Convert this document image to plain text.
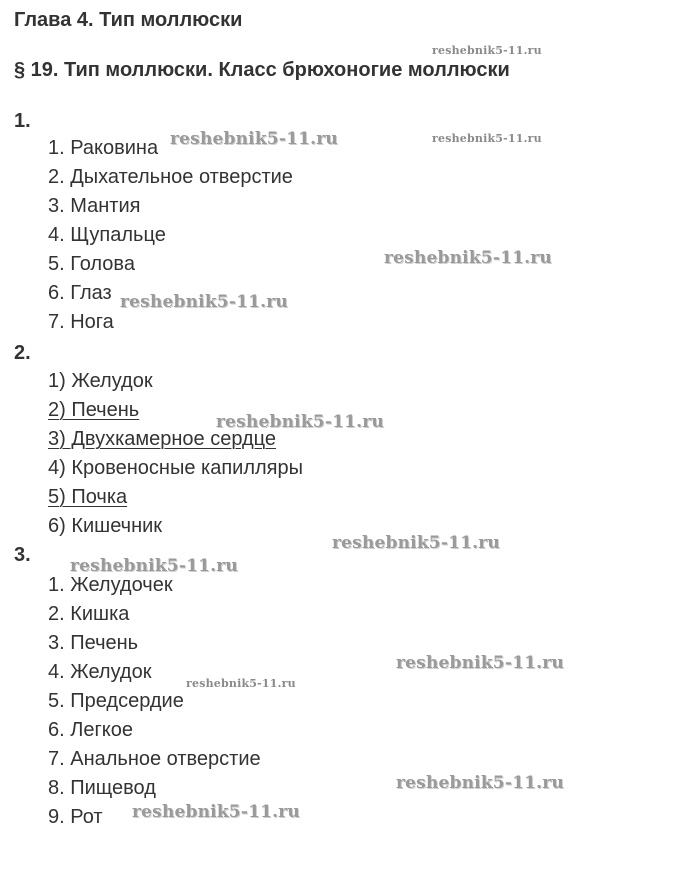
Глава 4. Тип моллюски
§ 19. Тип моллюски. Класс брюхоногие моллюски
1.
1. Раковина
2. Дыхательное отверстие
3. Мантия
4. Щупальце
5. Голова
6. Глаз
7. Нога
2.
1) Желудок
2) Печень
3) Двухкамерное сердце
4) Кровеносные капилляры
5) Почка
6) Кишечник
3.
1. Желудочек
2. Кишка
3. Печень
4. Желудок
5. Предсердие
6. Легкое
7. Анальное отверстие
8. Пищевод
9. Рот
reshebnik5-11.ru
reshebnik5-11.ru	reshebnik5-11.ru
reshebnik5-11.ru
reshebnik5-11.ru
reshebnik5-11.ru
reshebnik5-11.ru
reshebnik5-11.ru
reshebnik5-11.ru
reshebnik5-11.ru
reshebnik5-11.ru
reshebnik5-11.ru
